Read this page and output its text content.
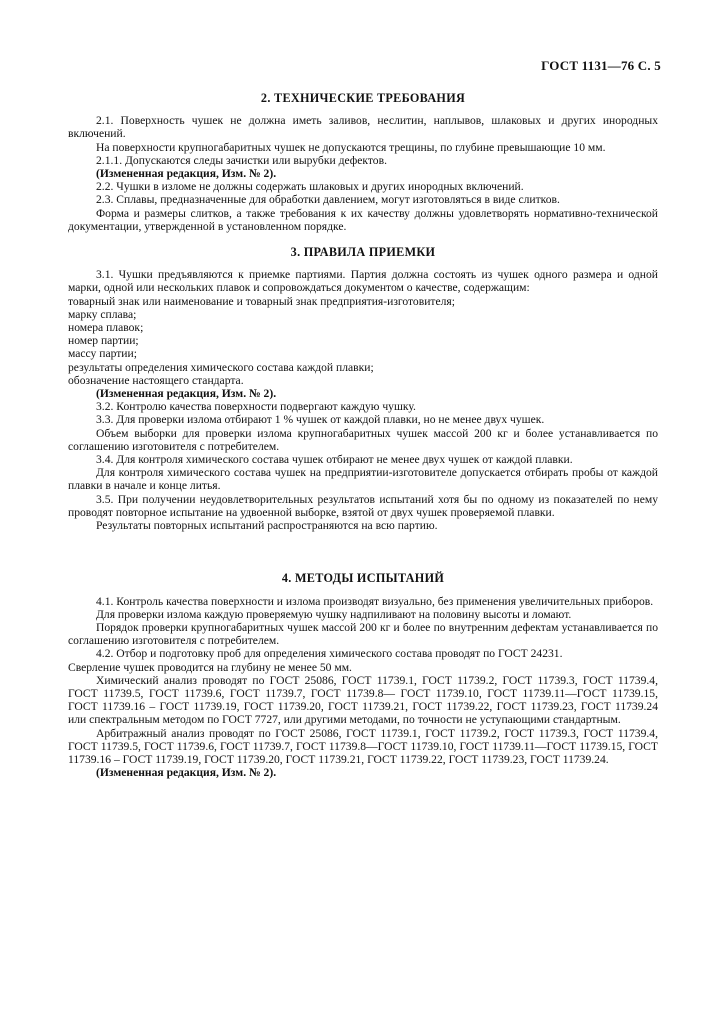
ГОСТ 1131—76 С. 5

2. ТЕХНИЧЕСКИЕ ТРЕБОВАНИЯ

2.1. Поверхность чушек не должна иметь заливов, неслитин, наплывов, шлаковых и других инородных включений.

На поверхности крупногабаритных чушек не допускаются трещины, по глубине превышающие 10 мм.

2.1.1. Допускаются следы зачистки или вырубки дефектов.

(Измененная редакция, Изм. № 2).

2.2. Чушки в изломе не должны содержать шлаковых и других инородных включений.

2.3. Сплавы, предназначенные для обработки давлением, могут изготовляться в виде слитков.

Форма и размеры слитков, а также требования к их качеству должны удовлетворять нормативно-технической документации, утвержденной в установленном порядке.

3. ПРАВИЛА ПРИЕМКИ

3.1. Чушки предъявляются к приемке партиями. Партия должна состоять из чушек одного размера и одной марки, одной или нескольких плавок и сопровождаться документом о качестве, содержащим:

товарный знак или наименование и товарный знак предприятия-изготовителя;

марку сплава;

номера плавок;

номер партии;

массу партии;

результаты определения химического состава каждой плавки;

обозначение настоящего стандарта.

(Измененная редакция, Изм. № 2).

3.2. Контролю качества поверхности подвергают каждую чушку.

3.3. Для проверки излома отбирают 1 % чушек от каждой плавки, но не менее двух чушек.

Объем выборки для проверки излома крупногабаритных чушек массой 200 кг и более устанавливается по соглашению изготовителя с потребителем.

3.4. Для контроля химического состава чушек отбирают не менее двух чушек от каждой плавки.

Для контроля химического состава чушек на предприятии-изготовителе допускается отбирать пробы от каждой плавки в начале и конце литья.

3.5. При получении неудовлетворительных результатов испытаний хотя бы по одному из показателей по нему проводят повторное испытание на удвоенной выборке, взятой от двух чушек проверяемой плавки.

Результаты повторных испытаний распространяются на всю партию.

4. МЕТОДЫ ИСПЫТАНИЙ

4.1. Контроль качества поверхности и излома производят визуально, без применения увеличительных приборов.

Для проверки излома каждую проверяемую чушку надпиливают на половину высоты и ломают.

Порядок проверки крупногабаритных чушек массой 200 кг и более по внутренним дефектам устанавливается по соглашению изготовителя с потребителем.

4.2. Отбор и подготовку проб для определения химического состава проводят по ГОСТ 24231.

Сверление чушек проводится на глубину не менее 50 мм.

Химический анализ проводят по ГОСТ 25086, ГОСТ 11739.1, ГОСТ 11739.2, ГОСТ 11739.3, ГОСТ 11739.4, ГОСТ 11739.5, ГОСТ 11739.6, ГОСТ 11739.7, ГОСТ 11739.8— ГОСТ 11739.10, ГОСТ 11739.11—ГОСТ 11739.15, ГОСТ 11739.16 – ГОСТ 11739.19, ГОСТ 11739.20, ГОСТ 11739.21, ГОСТ 11739.22, ГОСТ 11739.23, ГОСТ 11739.24 или спектральным методом по ГОСТ 7727, или другими методами, по точности не уступающими стандартным.

Арбитражный анализ проводят по ГОСТ 25086, ГОСТ 11739.1, ГОСТ 11739.2, ГОСТ 11739.3, ГОСТ 11739.4, ГОСТ 11739.5, ГОСТ 11739.6, ГОСТ 11739.7, ГОСТ 11739.8—ГОСТ 11739.10, ГОСТ 11739.11—ГОСТ 11739.15, ГОСТ 11739.16 – ГОСТ 11739.19, ГОСТ 11739.20, ГОСТ 11739.21, ГОСТ 11739.22, ГОСТ 11739.23, ГОСТ 11739.24.

(Измененная редакция, Изм. № 2).
